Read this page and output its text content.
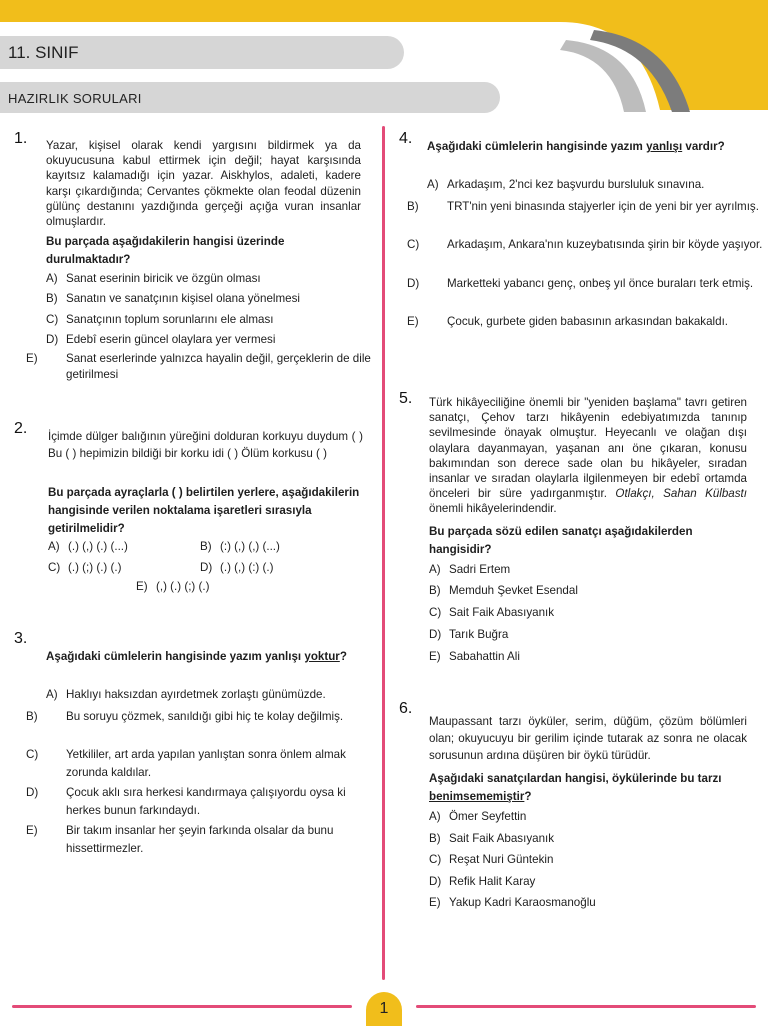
11. SINIF
HAZIRLIK SORULARI
1. Yazar, kişisel olarak kendi yargısını bildirmek ya da okuyucusuna kabul ettirmek için değil; hayat karşısında kayıtsız kalamadığı için yazar. Aiskhylos, adaleti, kadere karşı çıkardığında; Cervantes çökmekte olan feodal düzenin gülünç destanını yazdığında gerçeği açığa vuran insanlar olmuşlardır.
Bu parçada aşağıdakilerin hangisi üzerinde durulmaktadır?
A) Sanat eserinin biricik ve özgün olması
B) Sanatın ve sanatçının kişisel olana yönelmesi
C) Sanatçının toplum sorunlarını ele alması
D) Edebî eserin güncel olaylara yer vermesi
E) Sanat eserlerinde yalnızca hayalin değil, gerçeklerin de dile getirilmesi
2. İçimde dülger balığının yüreğini dolduran korkuyu duydum ( ) Bu ( ) hepimizin bildiği bir korku idi ( ) Ölüm korkusu ( )
Bu parçada ayraçlarla ( ) belirtilen yerlere, aşağıdakilerin hangisinde verilen noktalama işaretleri sırasıyla getirilmelidir?
A) (.) (,) (.) (...)	B) (:) (,) (,) (...)
C) (.) (;) (.) (.)	D) (.) (,) (:) (.)
E) (,) (.) (;) (.)
3.
Aşağıdaki cümlelerin hangisinde yazım yanlışı yoktur?
A) Haklıyı haksızdan ayırdetmek zorlaştı günümüzde.
B) Bu soruyu çözmek, sanıldığı gibi hiç te kolay değilmiş.
C) Yetkililer, art arda yapılan yanlıştan sonra önlem almak zorunda kaldılar.
D) Çocuk aklı sıra herkesi kandırmaya çalışıyordu oysa ki herkes bunun farkındaydı.
E) Bir takım insanlar her şeyin farkında olsalar da bunu hissettirmezler.
4. Aşağıdaki cümlelerin hangisinde yazım yanlışı vardır?
A) Arkadaşım, 2'nci kez başvurdu bursluluk sınavına.
B) TRT'nin yeni binasında stajyerler için de yeni bir yer ayrılmış.
C) Arkadaşım, Ankara'nın kuzeybatısında şirin bir köyde yaşıyor.
D) Marketteki yabancı genç, onbeş yıl önce buraları terk etmiş.
E) Çocuk, gurbete giden babasının arkasından bakakaldı.
5. Türk hikâyeciliğine önemli bir "yeniden başlama" tavrı getiren sanatçı, Çehov tarzı hikâyenin edebiyatımızda tanınıp sevilmesinde önayak olmuştur. Heyecanlı ve olağan dışı olaylara dayanmayan, yaşanan anı öne çıkaran, konusu bakımından son derece sade olan bu hikâyeler, sıradan insanlar ve sıradan olaylarla ilgilenmeyen bir edebî ortamda önceleri bir süre yadırganmıştır. Otlakçı, Sahan Külbastı önemli hikâyelerindendir.
Bu parçada sözü edilen sanatçı aşağıdakilerden hangisidir?
A) Sadri Ertem
B) Memduh Şevket Esendal
C) Sait Faik Abasıyanık
D) Tarık Buğra
E) Sabahattin Ali
6.
Maupassant tarzı öyküler, serim, düğüm, çözüm bölümleri olan; okuyucuyu bir gerilim içinde tutarak az sonra ne olacak sorusunun ardına düşüren bir öykü türüdür.
Aşağıdaki sanatçılardan hangisi, öykülerinde bu tarzı benimsememiştir?
A) Ömer Seyfettin
B) Sait Faik Abasıyanık
C) Reşat Nuri Güntekin
D) Refik Halit Karay
E) Yakup Kadri Karaosmanoğlu
1
